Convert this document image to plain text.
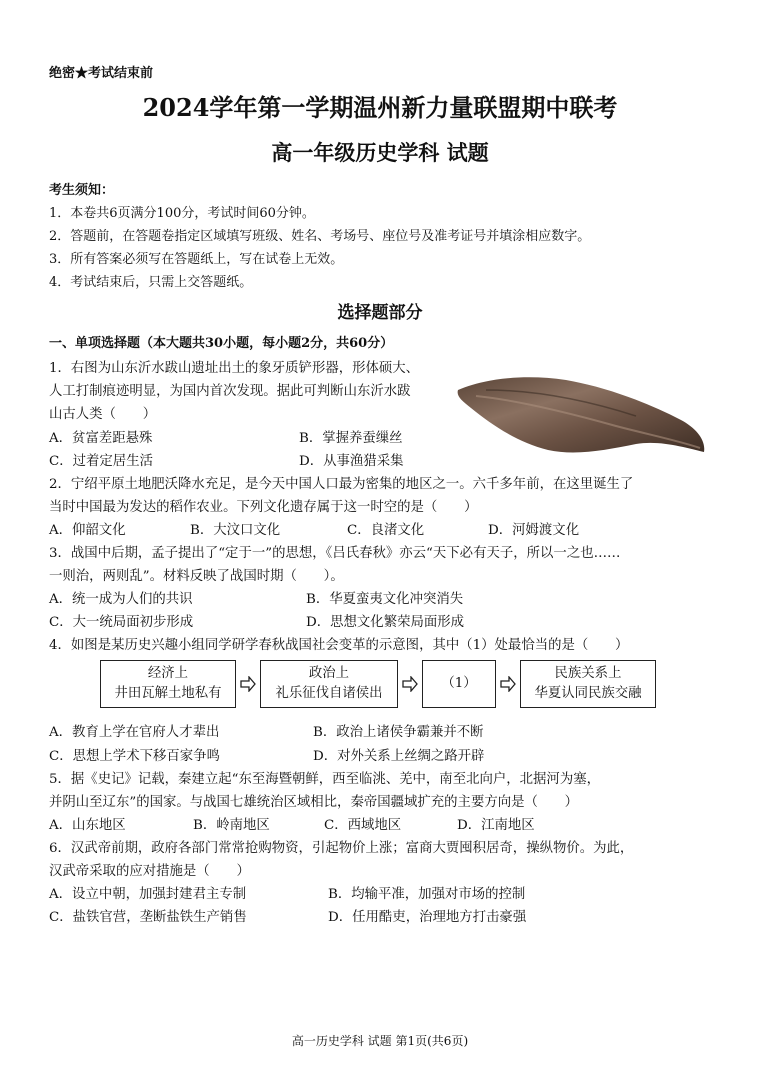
绝密★考试结束前
2024学年第一学期温州新力量联盟期中联考
高一年级历史学科 试题
考生须知：
1．本卷共6页满分100分，考试时间60分钟。
2．答题前，在答题卷指定区域填写班级、姓名、考场号、座位号及准考证号并填涂相应数字。
3．所有答案必须写在答题纸上，写在试卷上无效。
4．考试结束后，只需上交答题纸。
选择题部分
一、单项选择题（本大题共30小题，每小题2分，共60分）
1．右图为山东沂水跋山遗址出土的象牙质铲形器，形体硕大、
人工打制痕迹明显，为国内首次发现。据此可判断山东沂水跋
山古人类（　　）
A．贫富差距悬殊	B．掌握养蚕缫丝
C．过着定居生活	D．从事渔猎采集
2．宁绍平原土地肥沃降水充足，是今天中国人口最为密集的地区之一。六千多年前，在这里诞生了
当时中国最为发达的稻作农业。下列文化遗存属于这一时空的是（　　）
A．仰韶文化	B．大汶口文化	C．良渚文化	D．河姆渡文化
3．战国中后期，孟子提出了“定于一”的思想，《吕氏春秋》亦云“天下必有天子，所以一之也……
一则治，两则乱”。材料反映了战国时期（　　）。
A．统一成为人们的共识	B．华夏蛮夷文化冲突消失
C．大一统局面初步形成	D．思想文化繁荣局面形成
4．如图是某历史兴趣小组同学研学春秋战国社会变革的示意图，其中（1）处最恰当的是（　　）
经济上
井田瓦解土地私有
政治上
礼乐征伐自诸侯出
（1）
民族关系上
华夏认同民族交融
A．教育上学在官府人才辈出	B．政治上诸侯争霸兼并不断
C．思想上学术下移百家争鸣	D．对外关系上丝绸之路开辟
5．据《史记》记载，秦建立起“东至海暨朝鲜，西至临洮、羌中，南至北向户，北据河为塞，
并阴山至辽东”的国家。与战国七雄统治区域相比，秦帝国疆域扩充的主要方向是（　　）
A．山东地区	B．岭南地区	C．西域地区	D．江南地区
6．汉武帝前期，政府各部门常常抢购物资，引起物价上涨；富商大贾囤积居奇，操纵物价。为此，
汉武帝采取的应对措施是（　　）
A．设立中朝，加强封建君主专制	B．均输平准，加强对市场的控制
C．盐铁官营，垄断盐铁生产销售	D．任用酷吏，治理地方打击豪强
高一历史学科 试题 第1页(共6页)
